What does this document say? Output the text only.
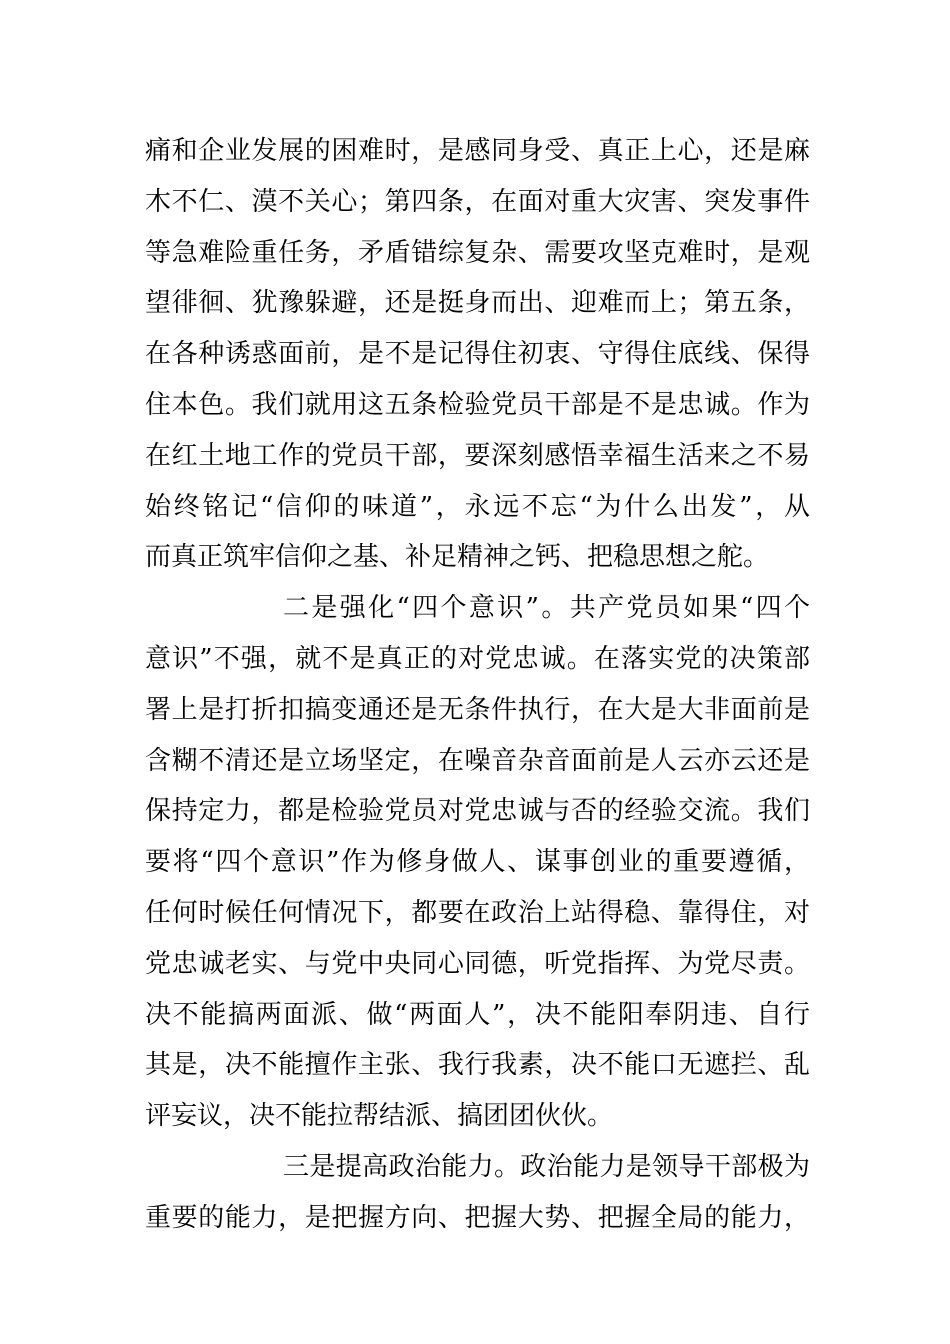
痛和企业发展的困难时，是感同身受、真正上心，还是麻
木不仁、漠不关心；第四条，在面对重大灾害、突发事件
等急难险重任务，矛盾错综复杂、需要攻坚克难时，是观
望徘徊、犹豫躲避，还是挺身而出、迎难而上；第五条，
在各种诱惑面前，是不是记得住初衷、守得住底线、保得
住本色。我们就用这五条检验党员干部是不是忠诚。作为
在红土地工作的党员干部，要深刻感悟幸福生活来之不易
始终铭记“信仰的味道”，永远不忘“为什么出发”，从
而真正筑牢信仰之基、补足精神之钙、把稳思想之舵。
二是强化“四个意识”。共产党员如果“四个
意识”不强，就不是真正的对党忠诚。在落实党的决策部
署上是打折扣搞变通还是无条件执行，在大是大非面前是
含糊不清还是立场坚定，在噪音杂音面前是人云亦云还是
保持定力，都是检验党员对党忠诚与否的经验交流。我们
要将“四个意识”作为修身做人、谋事创业的重要遵循，
任何时候任何情况下，都要在政治上站得稳、靠得住，对
党忠诚老实、与党中央同心同德，听党指挥、为党尽责。
决不能搞两面派、做“两面人”，决不能阳奉阴违、自行
其是，决不能擅作主张、我行我素，决不能口无遮拦、乱
评妄议，决不能拉帮结派、搞团团伙伙。
三是提高政治能力。政治能力是领导干部极为
重要的能力，是把握方向、把握大势、把握全局的能力，
